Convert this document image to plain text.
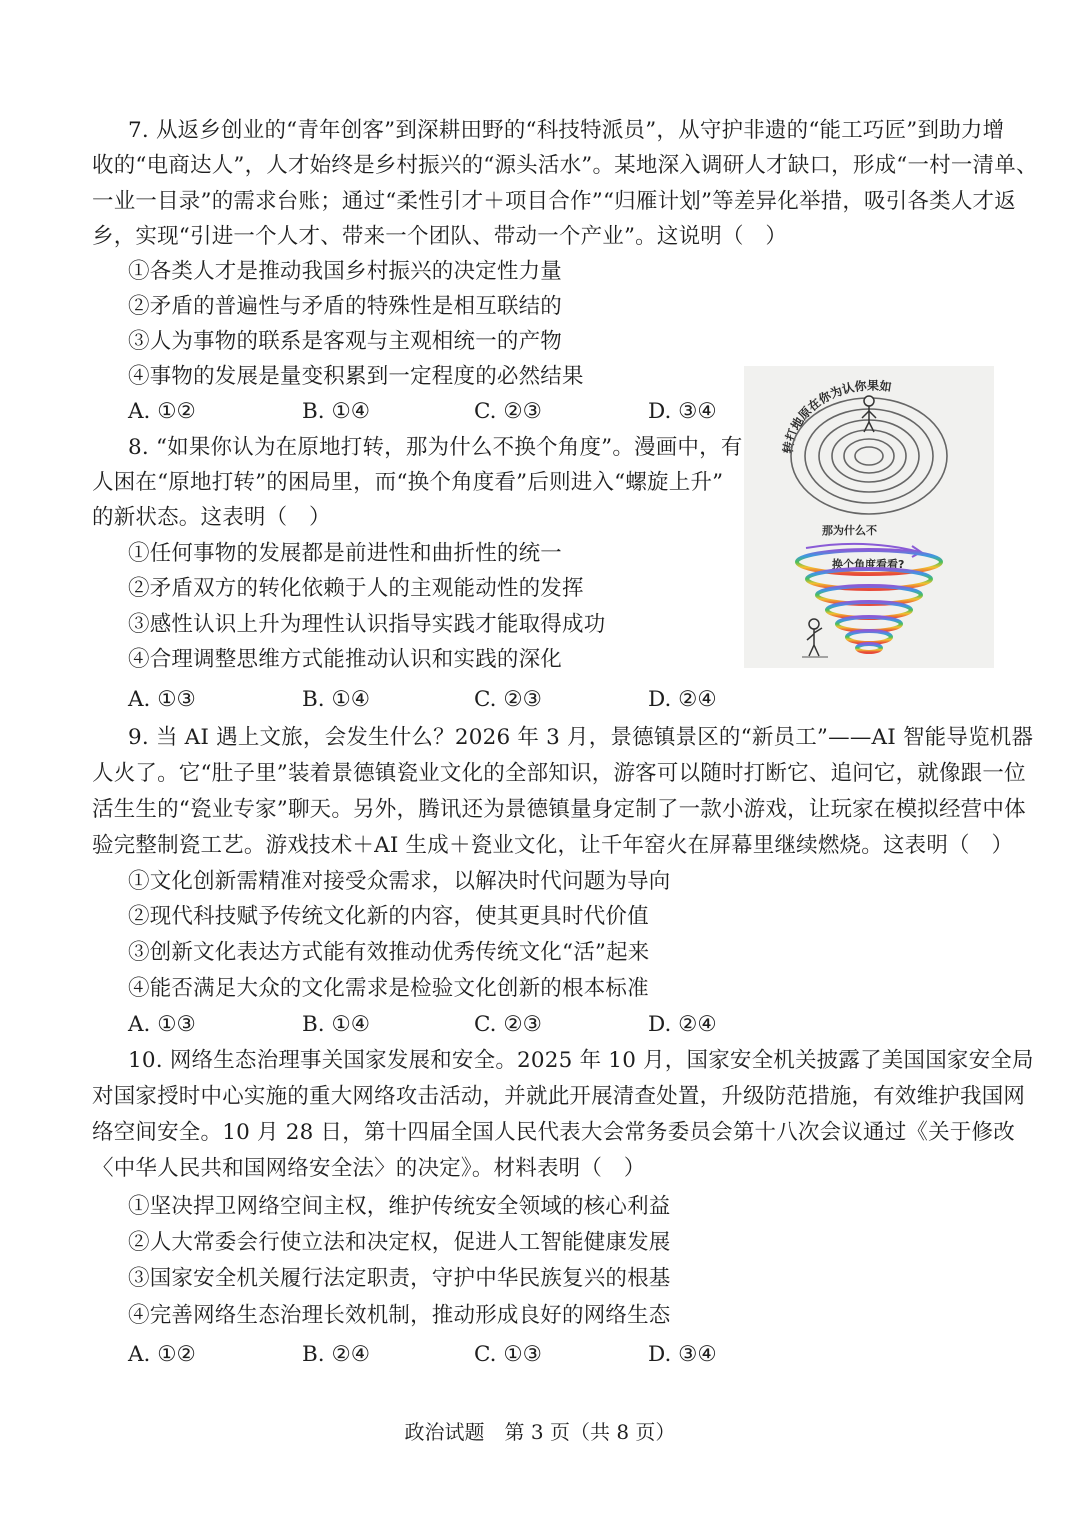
7. 从返乡创业的“青年创客”到深耕田野的“科技特派员”，从守护非遗的“能工巧匠”到助力增
收的“电商达人”，人才始终是乡村振兴的“源头活水”。某地深入调研人才缺口，形成“一村一清单、
一业一目录”的需求台账；通过“柔性引才＋项目合作”“归雁计划”等差异化举措，吸引各类人才返
乡，实现“引进一个人才、带来一个团队、带动一个产业”。这说明（　）
①各类人才是推动我国乡村振兴的决定性力量
②矛盾的普遍性与矛盾的特殊性是相互联结的
③人为事物的联系是客观与主观相统一的产物
④事物的发展是量变积累到一定程度的必然结果
A. ①②	B. ①④	C. ②③	D. ③④
8. “如果你认为在原地打转，那为什么不换个角度”。漫画中，有
人困在“原地打转”的困局里，而“换个角度看”后则进入“螺旋上升”
的新状态。这表明（　）
①任何事物的发展都是前进性和曲折性的统一
②矛盾双方的转化依赖于人的主观能动性的发挥
③感性认识上升为理性认识指导实践才能取得成功
④合理调整思维方式能推动认识和实践的深化
A. ①③	B. ①④	C. ②③	D. ②④
转打地原在你为认你果如
那为什么不
换个角度看看?
9. 当 AI 遇上文旅，会发生什么？2026 年 3 月，景德镇景区的“新员工”——AI 智能导览机器
人火了。它“肚子里”装着景德镇瓷业文化的全部知识，游客可以随时打断它、追问它，就像跟一位
活生生的“瓷业专家”聊天。另外，腾讯还为景德镇量身定制了一款小游戏，让玩家在模拟经营中体
验完整制瓷工艺。游戏技术＋AI 生成＋瓷业文化，让千年窑火在屏幕里继续燃烧。这表明（　）
①文化创新需精准对接受众需求，以解决时代问题为导向
②现代科技赋予传统文化新的内容，使其更具时代价值
③创新文化表达方式能有效推动优秀传统文化“活”起来
④能否满足大众的文化需求是检验文化创新的根本标准
A. ①③	B. ①④	C. ②③	D. ②④
10. 网络生态治理事关国家发展和安全。2025 年 10 月，国家安全机关披露了美国国家安全局
对国家授时中心实施的重大网络攻击活动，并就此开展清查处置，升级防范措施，有效维护我国网
络空间安全。10 月 28 日，第十四届全国人民代表大会常务委员会第十八次会议通过《关于修改
〈中华人民共和国网络安全法〉的决定》。材料表明（　）
①坚决捍卫网络空间主权，维护传统安全领域的核心利益
②人大常委会行使立法和决定权，促进人工智能健康发展
③国家安全机关履行法定职责，守护中华民族复兴的根基
④完善网络生态治理长效机制，推动形成良好的网络生态
A. ①②	B. ②④	C. ①③	D. ③④
政治试题　第 3 页（共 8 页）
